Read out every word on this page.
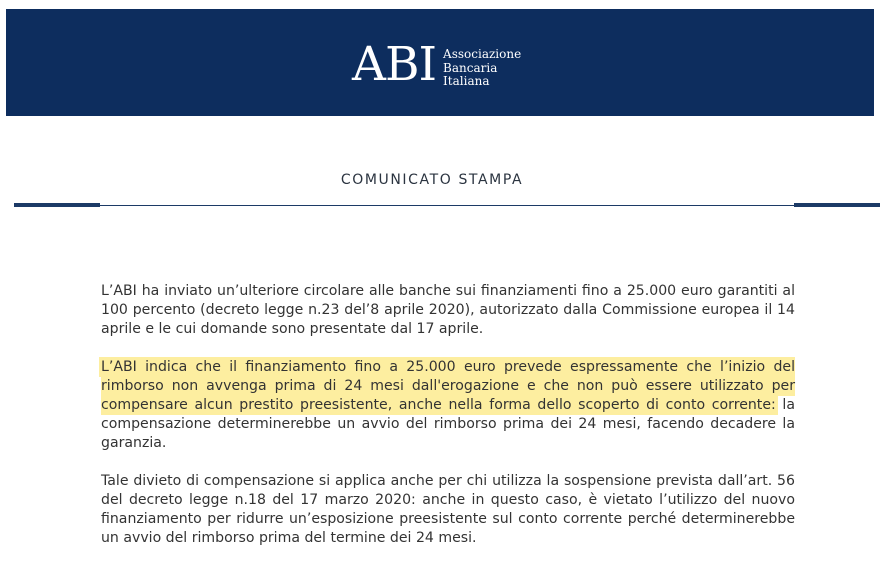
ABI Associazione
Bancaria
Italiana
COMUNICATO STAMPA

L’ABI ha inviato un’ulteriore circolare alle banche sui finanziamenti fino a 25.000 euro garantiti al 100 percento (decreto legge n.23 del’8 aprile 2020), autorizzato dalla Commissione europea il 14 aprile e le cui domande sono presentate dal 17 aprile.

L’ABI indica che il finanziamento fino a 25.000 euro prevede espressamente che l’inizio del rimborso non avvenga prima di 24 mesi dall'erogazione e che non può essere utilizzato per compensare alcun prestito preesistente, anche nella forma dello scoperto di conto corrente: la compensazione determinerebbe un avvio del rimborso prima dei 24 mesi, facendo decadere la garanzia.

Tale divieto di compensazione si applica anche per chi utilizza la sospensione prevista dall’art. 56 del decreto legge n.18 del 17 marzo 2020: anche in questo caso, è vietato l’utilizzo del nuovo finanziamento per ridurre un’esposizione preesistente sul conto corrente perché determinerebbe un avvio del rimborso prima del termine dei 24 mesi.
